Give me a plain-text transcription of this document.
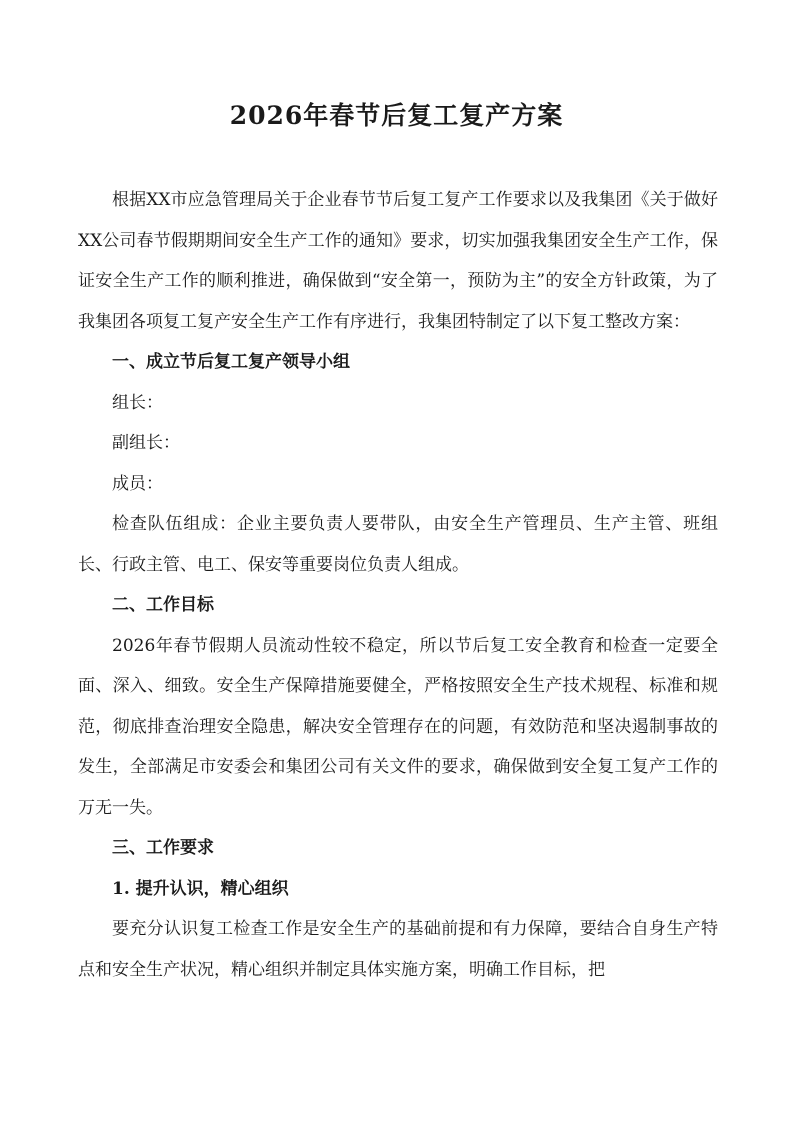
2026年春节后复工复产方案

根据XX市应急管理局关于企业春节节后复工复产工作要求以及我集团《关于做好XX公司春节假期期间安全生产工作的通知》要求，切实加强我集团安全生产工作，保证安全生产工作的顺利推进，确保做到“安全第一，预防为主”的安全方针政策，为了我集团各项复工复产安全生产工作有序进行，我集团特制定了以下复工整改方案：

一、成立节后复工复产领导小组

组长：

副组长：

成员：

检查队伍组成：企业主要负责人要带队，由安全生产管理员、生产主管、班组长、行政主管、电工、保安等重要岗位负责人组成。

二、工作目标

2026年春节假期人员流动性较不稳定，所以节后复工安全教育和检查一定要全面、深入、细致。安全生产保障措施要健全，严格按照安全生产技术规程、标准和规范，彻底排查治理安全隐患，解决安全管理存在的问题，有效防范和坚决遏制事故的发生，全部满足市安委会和集团公司有关文件的要求，确保做到安全复工复产工作的万无一失。

三、工作要求

1. 提升认识，精心组织

要充分认识复工检查工作是安全生产的基础前提和有力保障，要结合自身生产特点和安全生产状况，精心组织并制定具体实施方案，明确工作目标，把
